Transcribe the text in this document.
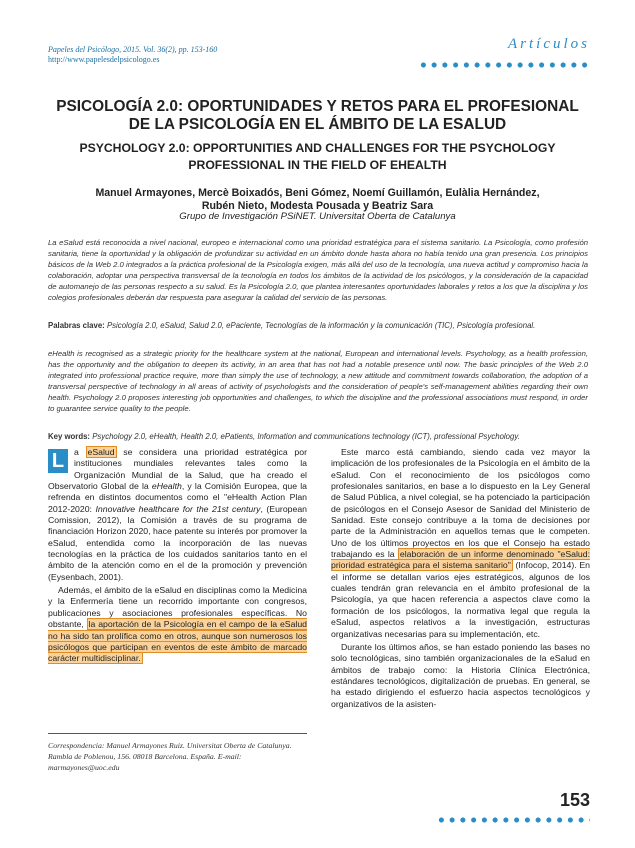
Papeles del Psicólogo, 2015. Vol. 36(2), pp. 153-160
http://www.papelesdelpsicologo.es
Artículos
PSICOLOGÍA 2.0: OPORTUNIDADES Y RETOS PARA EL PROFESIONAL
DE LA PSICOLOGÍA EN EL ÁMBITO DE LA ESALUD
PSYCHOLOGY 2.0: OPPORTUNITIES AND CHALLENGES FOR THE PSYCHOLOGY
PROFESSIONAL IN THE FIELD OF EHEALTH
Manuel Armayones, Mercè Boixadós, Beni Gómez, Noemí Guillamón, Eulàlia Hernández,
Rubén Nieto, Modesta Pousada y Beatriz Sara
Grupo de Investigación PSiNET. Universitat Oberta de Catalunya

La eSalud está reconocida a nivel nacional, europeo e internacional como una prioridad estratégica para el sistema sanitario. La Psicología, como profesión sanitaria, tiene la oportunidad y la obligación de profundizar su actividad en un ámbito donde hasta ahora no había tenido una gran presencia. Los principios básicos de la Web 2.0 integrados a la práctica profesional de la Psicología exigen, más allá del uso de la tecnología, una nueva actitud y compromiso hacia la colaboración, adoptar una perspectiva transversal de la tecnología en todos los ámbitos de la actividad de los psicólogos, y la consideración de la capacidad de automanejo de las personas respecto a su salud. Es la Psicología 2.0, que plantea interesantes oportunidades laborales y retos a los que la disciplina y los colegios profesionales deberán dar respuesta para asegurar la calidad del servicio de las personas.

Palabras clave: Psicología 2.0, eSalud, Salud 2.0, ePaciente, Tecnologías de la información y la comunicación (TIC), Psicología profesional.

eHealth is recognised as a strategic priority for the healthcare system at the national, European and international levels. Psychology, as a health profession, has the opportunity and the obligation to deepen its activity, in an area that has not had a notable presence until now. The basic principles of the Web 2.0 integrated into professional practice require, more than simply the use of technology, a new attitude and commitment towards collaboration, the adoption of a transversal perspective of technology in all areas of activity of psychologists and the consideration of people's self-management abilities regarding their own health. Psychology 2.0 proposes interesting job opportunities and challenges, to which the discipline and the professional associations must respond, in order to guarantee service quality to the people.

Key words: Psychology 2.0, eHealth, Health 2.0, ePatients, Information and communications technology (ICT), professional Psychology.

L	a eSalud se considera una prioridad estratégica por instituciones mundiales relevantes tales como la Organización Mundial de la Salud, que ha creado el Observatorio Global de la eHealth, y la Comisión Europea, que la refrenda en distintos documentos como el "eHealth Action Plan 2012-2020: Innovative healthcare for the 21st century, (European Comission, 2012), la Comisión a través de su programa de financiación Horizon 2020, hace patente su interés por promover la eSalud, entendida como la incorporación de las nuevas tecnologías en la práctica de los cuidados sanitarios tanto en el ámbito de la atención como en el de la promoción y prevención (Eysenbach, 2001).

Además, el ámbito de la eSalud en disciplinas como la Medicina y la Enfermería tiene un recorrido importante con congresos, publicaciones y asociaciones profesionales específicas. No obstante, la aportación de la Psicología en el campo de la eSalud no ha sido tan prolífica como en otros, aunque son numerosos los psicólogos que participan en eventos de este ámbito de marcado carácter multidisciplinar.

Correspondencia: Manuel Armayones Ruiz. Universitat Oberta de Catalunya. Rambla de Poblenou, 156. 08018 Barcelona. España. E-mail: marmayones@uoc.edu

Este marco está cambiando, siendo cada vez mayor la implicación de los profesionales de la Psicología en el ámbito de la eSalud. Con el reconocimiento de los psicólogos como profesionales sanitarios, en base a lo dispuesto en la Ley General de Salud Pública, a nivel colegial, se ha potenciado la participación de psicólogos en el Consejo Asesor de Sanidad del Ministerio de Sanidad. Este consejo contribuye a la toma de decisiones por parte de la Administración en aquellos temas que le competen. Uno de los últimos proyectos en los que el Consejo ha estado trabajando es la elaboración de un informe denominado "eSalud: prioridad estratégica para el sistema sanitario" (Infocop, 2014). En el informe se detallan varios ejes estratégicos, algunos de los cuales tendrán gran relevancia en el ámbito profesional de la Psicología, ya que hacen referencia a aspectos clave como la formación de los psicólogos, la normativa legal que regula la eSalud, aspectos relativos a la investigación, estructuras organizativas necesarias para su implementación, etc.

Durante los últimos años, se han estado poniendo las bases no solo tecnológicas, sino también organizacionales de la eSalud en ámbitos de trabajo como: la Historia Clínica Electrónica, estándares tecnológicos, digitalización de pruebas. En general, se ha estado dirigiendo el esfuerzo hacia aspectos tecnológicos y organizativos de la asisten-

153
